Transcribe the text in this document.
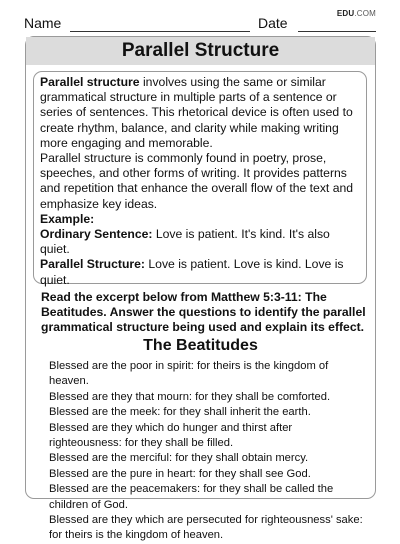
Name	Date
EDU.COM
Parallel Structure

Parallel structure involves using the same or similar grammatical structure in multiple parts of a sentence or series of sentences. This rhetorical device is often used to create rhythm, balance, and clarity while making writing more engaging and memorable.

Parallel structure is commonly found in poetry, prose, speeches, and other forms of writing. It provides patterns and repetition that enhance the overall flow of the text and emphasize key ideas.

Example:

Ordinary Sentence: Love is patient. It's kind. It's also quiet.

Parallel Structure: Love is patient. Love is kind. Love is quiet.

Read the excerpt below from Matthew 5:3-11: The Beatitudes. Answer the questions to identify the parallel grammatical structure being used and explain its effect.
The Beatitudes

Blessed are the poor in spirit: for theirs is the kingdom of heaven.

Blessed are they that mourn: for they shall be comforted.

Blessed are the meek: for they shall inherit the earth.

Blessed are they which do hunger and thirst after righteousness: for they shall be filled.

Blessed are the merciful: for they shall obtain mercy.

Blessed are the pure in heart: for they shall see God.

Blessed are the peacemakers: for they shall be called the children of God.

Blessed are they which are persecuted for righteousness' sake: for theirs is the kingdom of heaven.
